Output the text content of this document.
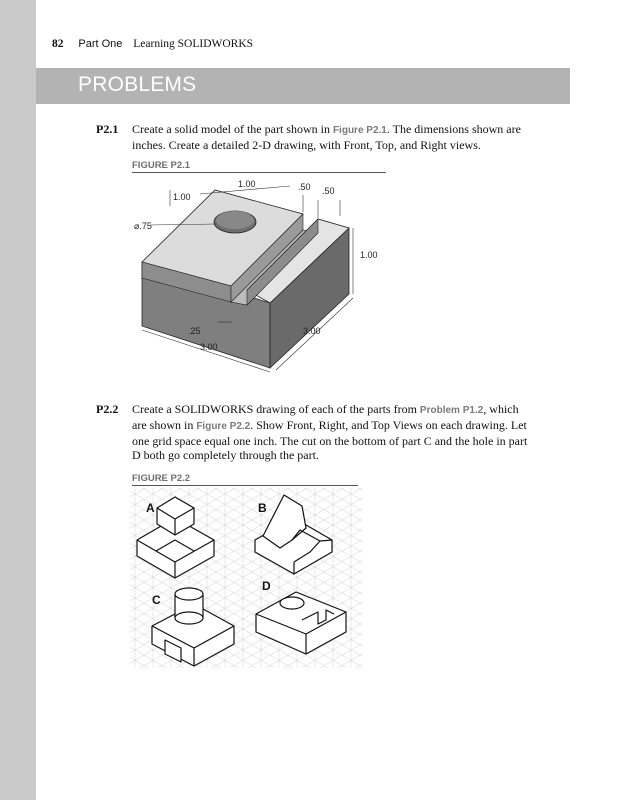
82 Part One Learning SOLIDWORKS
PROBLEMS
P2.1 Create a solid model of the part shown in Figure P2.1. The dimensions shown are inches. Create a detailed 2-D drawing, with Front, Top, and Right views.
FIGURE P2.1
1.00
1.00
⌀.75
.50 .50
1.00
.25
3.00
3.00
P2.2 Create a SOLIDWORKS drawing of each of the parts from Problem P1.2, which are shown in Figure P2.2. Show Front, Right, and Top Views on each drawing. Let one grid space equal one inch. The cut on the bottom of part C and the hole in part D both go completely through the part.
FIGURE P2.2
A	B
C
D
